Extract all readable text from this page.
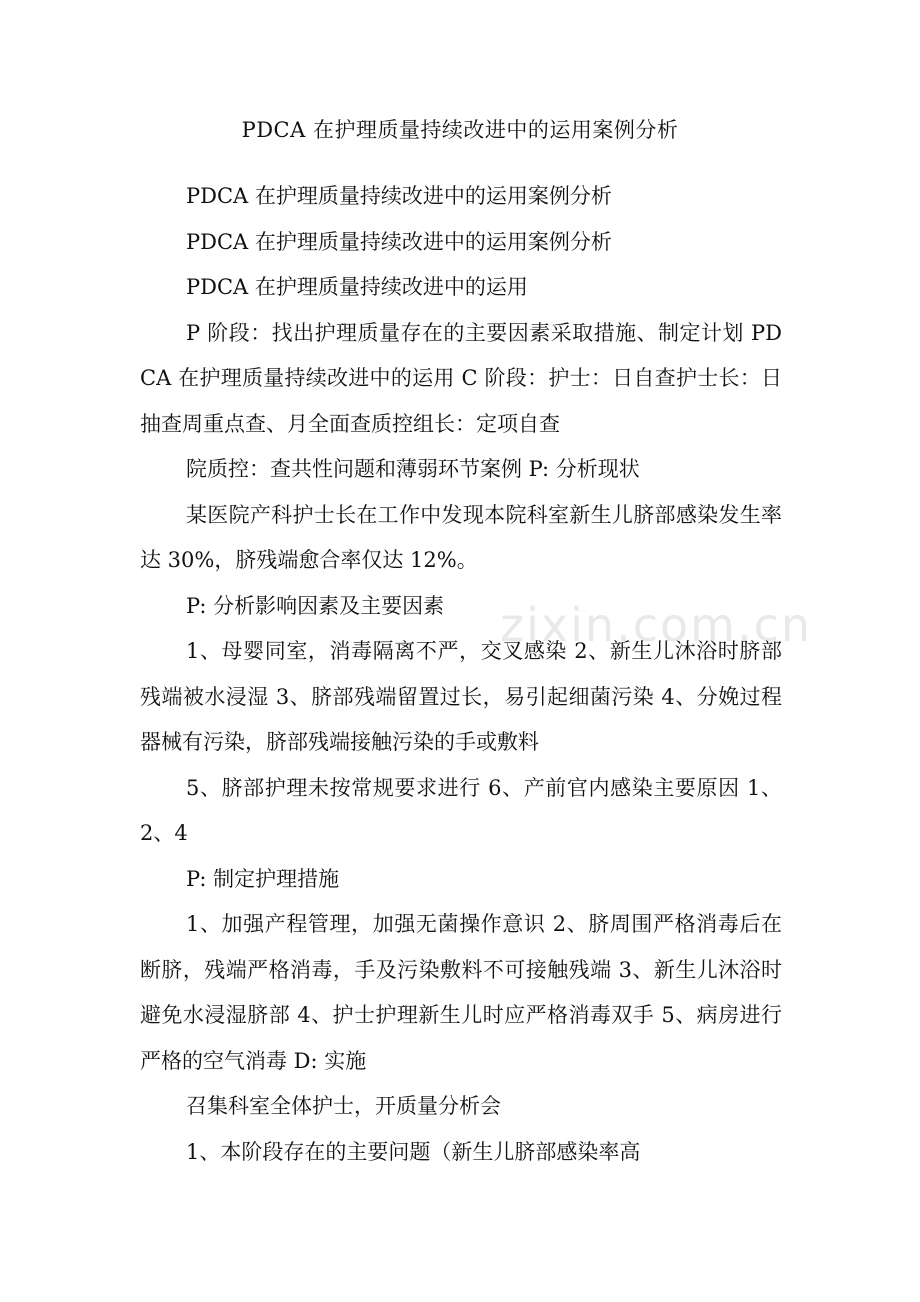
zixin.com.cn
PDCA 在护理质量持续改进中的运用案例分析

PDCA 在护理质量持续改进中的运用案例分析

PDCA 在护理质量持续改进中的运用案例分析

PDCA 在护理质量持续改进中的运用

P 阶段：找出护理质量存在的主要因素采取措施、制定计划 PDCA 在护理质量持续改进中的运用 C 阶段：护士：日自查护士长：日抽查周重点查、月全面查质控组长：定项自查

院质控：查共性问题和薄弱环节案例 P: 分析现状

某医院产科护士长在工作中发现本院科室新生儿脐部感染发生率达 30%，脐残端愈合率仅达 12%。

P: 分析影响因素及主要因素

1、母婴同室，消毒隔离不严，交叉感染 2、新生儿沐浴时脐部残端被水浸湿 3、脐部残端留置过长，易引起细菌污染 4、分娩过程器械有污染，脐部残端接触污染的手或敷料

5、脐部护理未按常规要求进行 6、产前官内感染主要原因 1、2、4

P: 制定护理措施

1、加强产程管理，加强无菌操作意识 2、脐周围严格消毒后在断脐，残端严格消毒，手及污染敷料不可接触残端 3、新生儿沐浴时避免水浸湿脐部 4、护士护理新生儿时应严格消毒双手 5、病房进行严格的空气消毒 D: 实施

召集科室全体护士，开质量分析会

1、本阶段存在的主要问题（新生儿脐部感染率高
